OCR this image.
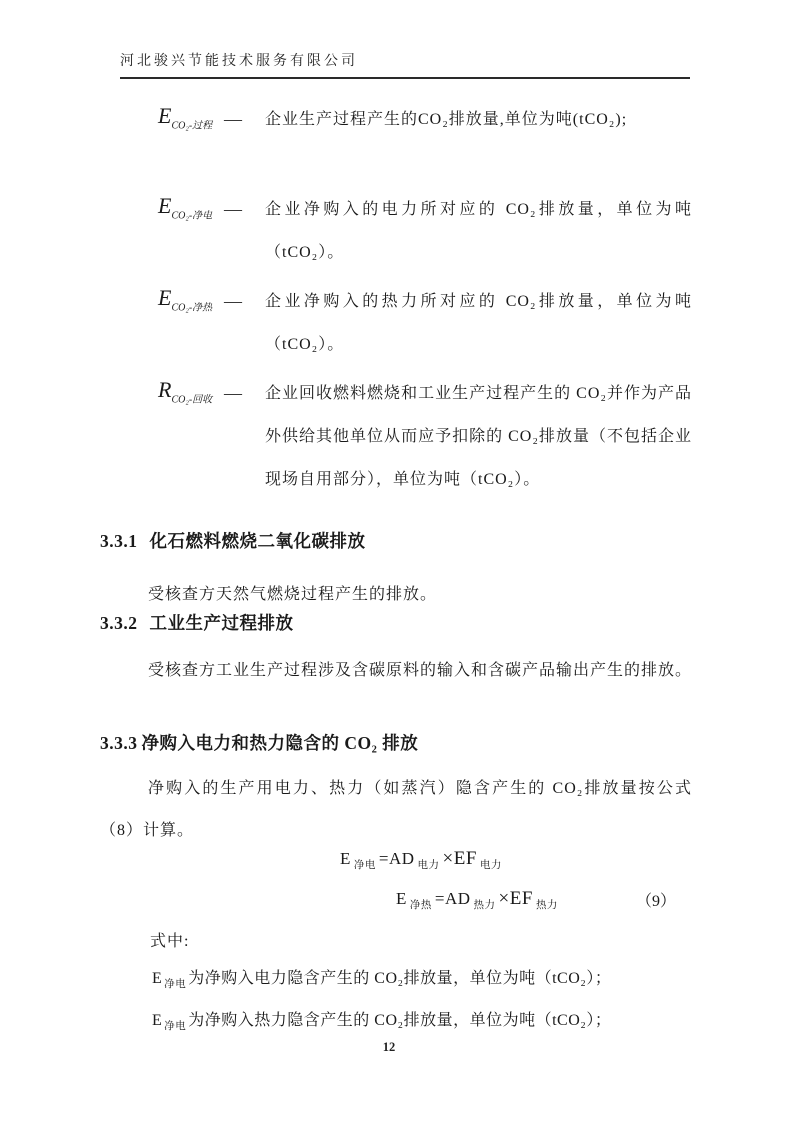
河北骏兴节能技术服务有限公司
$E_{CO_2-过程}$ —	企业生产过程产生的CO₂排放量,单位为吨(tCO₂);
$E_{CO_2-净电}$ —	企业净购入的电力所对应的 CO₂排放量，单位为吨（tCO₂）。
$E_{CO_2-净热}$ —	企业净购入的热力所对应的 CO₂排放量，单位为吨（tCO₂）。
$R_{CO_2-回收}$ —	企业回收燃料燃烧和工业生产过程产生的 CO₂并作为产品外供给其他单位从而应予扣除的 CO₂排放量（不包括企业现场自用部分），单位为吨（tCO₂）。
3.3.1 化石燃料燃烧二氧化碳排放
受核查方天然气燃烧过程产生的排放。
3.3.2 工业生产过程排放
受核查方工业生产过程涉及含碳原料的输入和含碳产品输出产生的排放。
3.3.3 净购入电力和热力隐含的 CO₂ 排放
净购入的生产用电力、热力（如蒸汽）隐含产生的 CO₂排放量按公式（8）计算。
E $_{净电}$ =AD $_{电力}$ ×EF $_{电力}$
E $_{净热}$ =AD $_{热力}$ ×EF $_{热力}$	（9）
式中:
E $_{净电}$ 为净购入电力隐含产生的 CO₂排放量，单位为吨（tCO₂）；
E $_{净电}$ 为净购入热力隐含产生的 CO₂排放量，单位为吨（tCO₂）；
12
